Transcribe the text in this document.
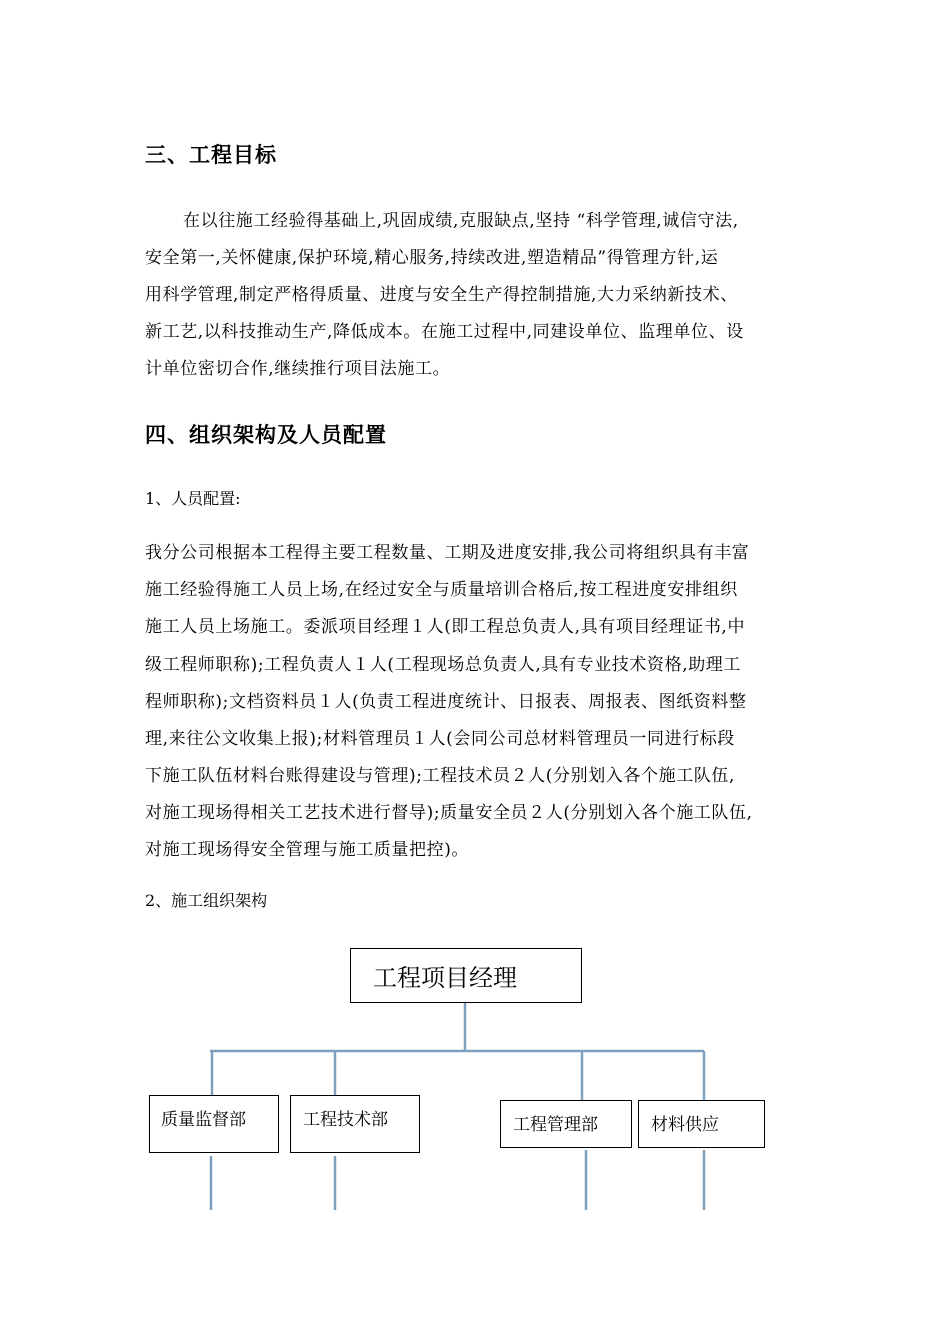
三、工程目标
在以往施工经验得基础上,巩固成绩,克服缺点,坚持 “科学管理,诚信守法,
安全第一,关怀健康,保护环境,精心服务,持续改进,塑造精品”得管理方针,运
用科学管理,制定严格得质量、进度与安全生产得控制措施,大力采纳新技术、
新工艺,以科技推动生产,降低成本。在施工过程中,同建设单位、监理单位、设
计单位密切合作,继续推行项目法施工。
四、组织架构及人员配置
1、人员配置:
我分公司根据本工程得主要工程数量、工期及进度安排,我公司将组织具有丰富
施工经验得施工人员上场,在经过安全与质量培训合格后,按工程进度安排组织
施工人员上场施工。委派项目经理１人(即工程总负责人,具有项目经理证书,中
级工程师职称);工程负责人１人(工程现场总负责人,具有专业技术资格,助理工
程师职称);文档资料员１人(负责工程进度统计、日报表、周报表、图纸资料整
理,来往公文收集上报);材料管理员１人(会同公司总材料管理员一同进行标段
下施工队伍材料台账得建设与管理);工程技术员２人(分别划入各个施工队伍,
对施工现场得相关工艺技术进行督导);质量安全员２人(分别划入各个施工队伍,
对施工现场得安全管理与施工质量把控)。
2、施工组织架构
工程项目经理
质量监督部	工程技术部	工程管理部	材料供应
